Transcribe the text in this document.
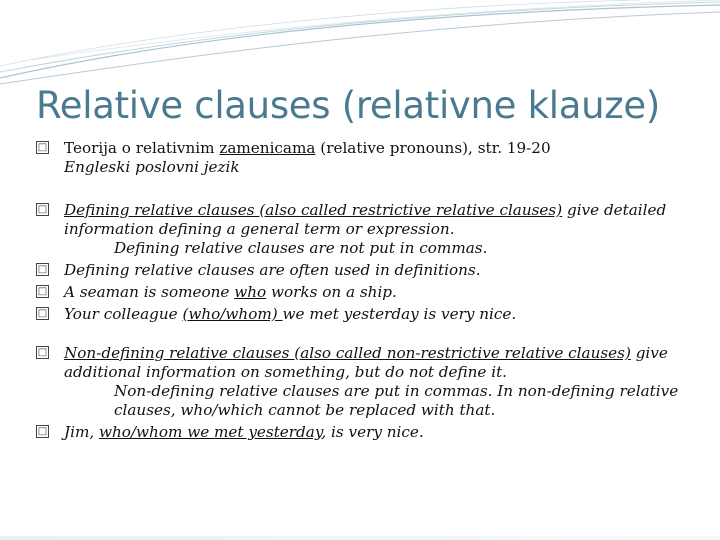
Relative clauses (relativne klauze)
□ Teorija o relativnim zamenicama (relative pronouns), str. 19-20
Engleski poslovni jezik
□ Defining relative clauses (also called restrictive relative clauses) give detailed information defining a general term or expression.

Defining relative clauses are not put in commas.

□ Defining relative clauses are often used in definitions.
□ A seaman is someone who works on a ship.
□ Your colleague (who/whom) we met yesterday is very nice.
□ Non-defining relative clauses (also called non-restrictive relative clauses) give additional information on something, but do not define it.

Non-defining relative clauses are put in commas. In non-defining relative clauses, who/which cannot be replaced with that.

□ Jim, who/whom we met yesterday, is very nice.
